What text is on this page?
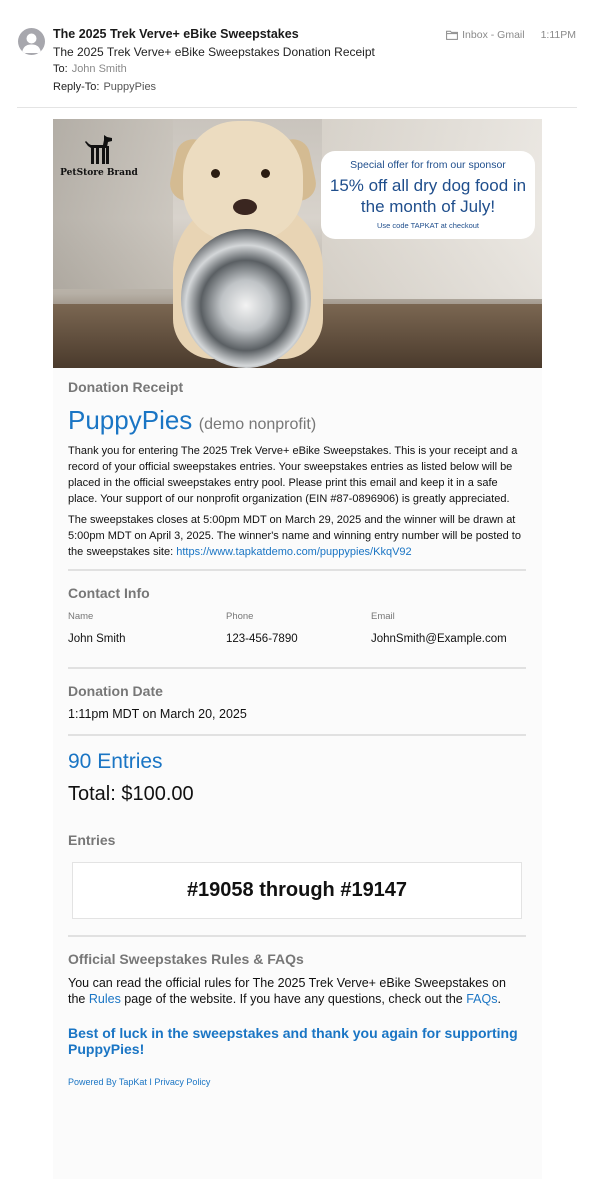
The 2025 Trek Verve+ eBike Sweepstakes
The 2025 Trek Verve+ eBike Sweepstakes Donation Receipt
To: John Smith
Reply-To: PuppyPies
Inbox - Gmail 1:11PM
PetStore Brand
Special offer for from our sponsor
15% off all dry dog food in the month of July!
Use code TAPKAT at checkout
Donation Receipt
PuppyPies (demo nonprofit)

Thank you for entering The 2025 Trek Verve+ eBike Sweepstakes. This is your receipt and a record of your official sweepstakes entries. Your sweepstakes entries as listed below will be placed in the official sweepstakes entry pool. Please print this email and keep it in a safe place. Your support of our nonprofit organization (EIN #87-0896906) is greatly appreciated.

The sweepstakes closes at 5:00pm MDT on March 29, 2025 and the winner will be drawn at 5:00pm MDT on April 3, 2025. The winner's name and winning entry number will be posted to the sweepstakes site: https://www.tapkatdemo.com/puppypies/KkqV92

Contact Info
Name	Phone	Email
John Smith	123-456-7890	JohnSmith@Example.com
Donation Date
1:11pm MDT on March 20, 2025
90 Entries
Total: $100.00
Entries
#19058 through #19147
Official Sweepstakes Rules & FAQs

You can read the official rules for The 2025 Trek Verve+ eBike Sweepstakes on the Rules page of the website. If you have any questions, check out the FAQs.

Best of luck in the sweepstakes and thank you again for supporting PuppyPies!

Powered By TapKat I Privacy Policy
